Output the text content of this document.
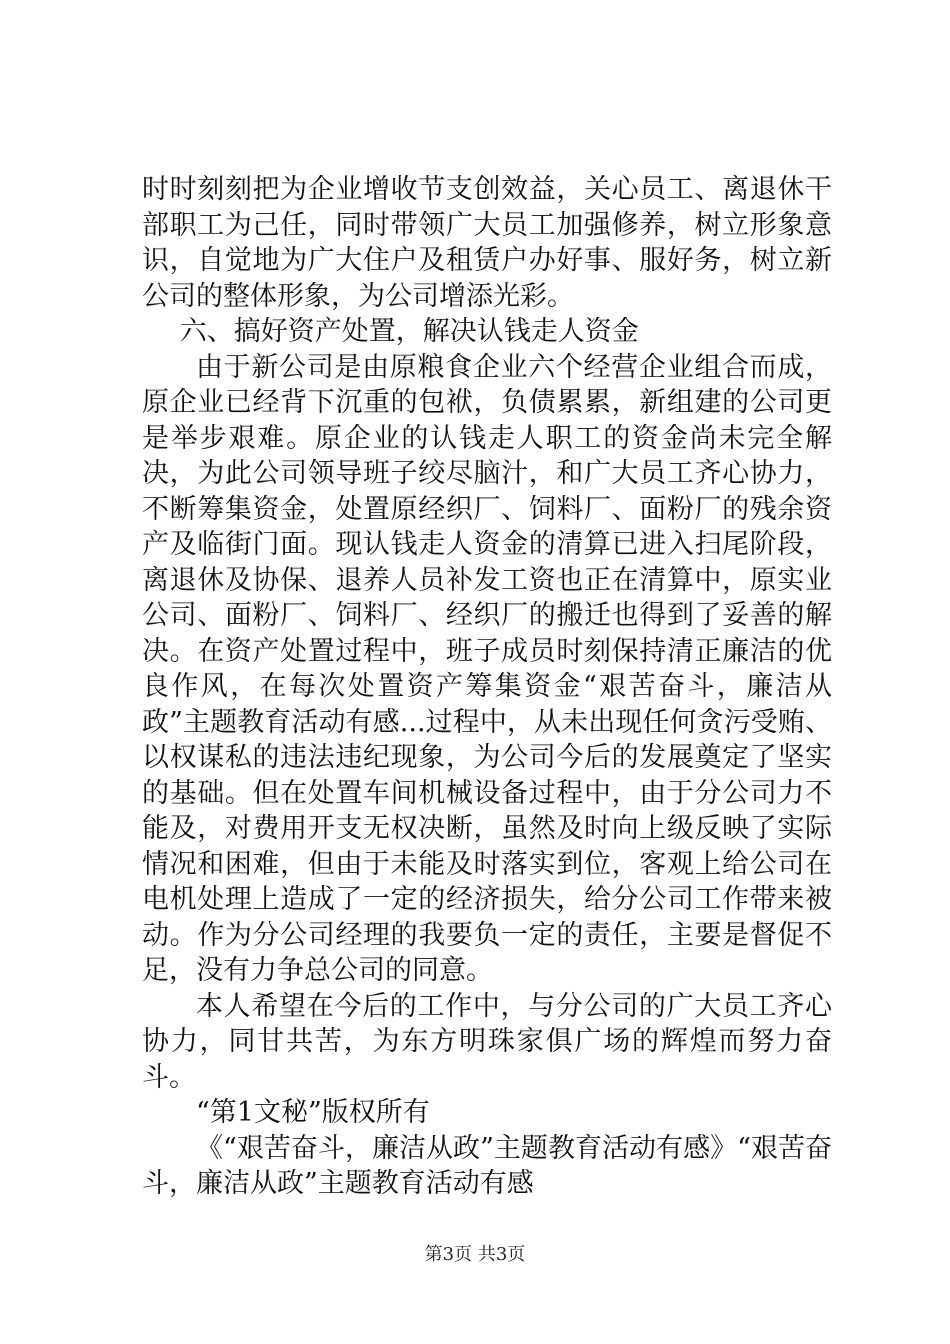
时时刻刻把为企业增收节支创效益，关心员工、离退休干部职工为己任，同时带领广大员工加强修养，树立形象意识，自觉地为广大住户及租赁户办好事、服好务，树立新公司的整体形象，为公司增添光彩。

六、搞好资产处置，解决认钱走人资金

由于新公司是由原粮食企业六个经营企业组合而成，原企业已经背下沉重的包袱，负债累累，新组建的公司更是举步艰难。原企业的认钱走人职工的资金尚未完全解决，为此公司领导班子绞尽脑汁，和广大员工齐心协力，不断筹集资金，处置原经织厂、饲料厂、面粉厂的残余资产及临街门面。现认钱走人资金的清算已进入扫尾阶段，离退休及协保、退养人员补发工资也正在清算中，原实业公司、面粉厂、饲料厂、经织厂的搬迁也得到了妥善的解决。在资产处置过程中，班子成员时刻保持清正廉洁的优良作风，在每次处置资产筹集资金“艰苦奋斗，廉洁从政”主题教育活动有感...过程中，从未出现任何贪污受贿、以权谋私的违法违纪现象，为公司今后的发展奠定了坚实的基础。但在处置车间机械设备过程中，由于分公司力不能及，对费用开支无权决断，虽然及时向上级反映了实际情况和困难，但由于未能及时落实到位，客观上给公司在电机处理上造成了一定的经济损失，给分公司工作带来被动。作为分公司经理的我要负一定的责任，主要是督促不足，没有力争总公司的同意。

本人希望在今后的工作中，与分公司的广大员工齐心协力，同甘共苦，为东方明珠家俱广场的辉煌而努力奋斗。

“第1文秘”版权所有

《“艰苦奋斗，廉洁从政”主题教育活动有感》“艰苦奋斗，廉洁从政”主题教育活动有感

第3页 共3页
